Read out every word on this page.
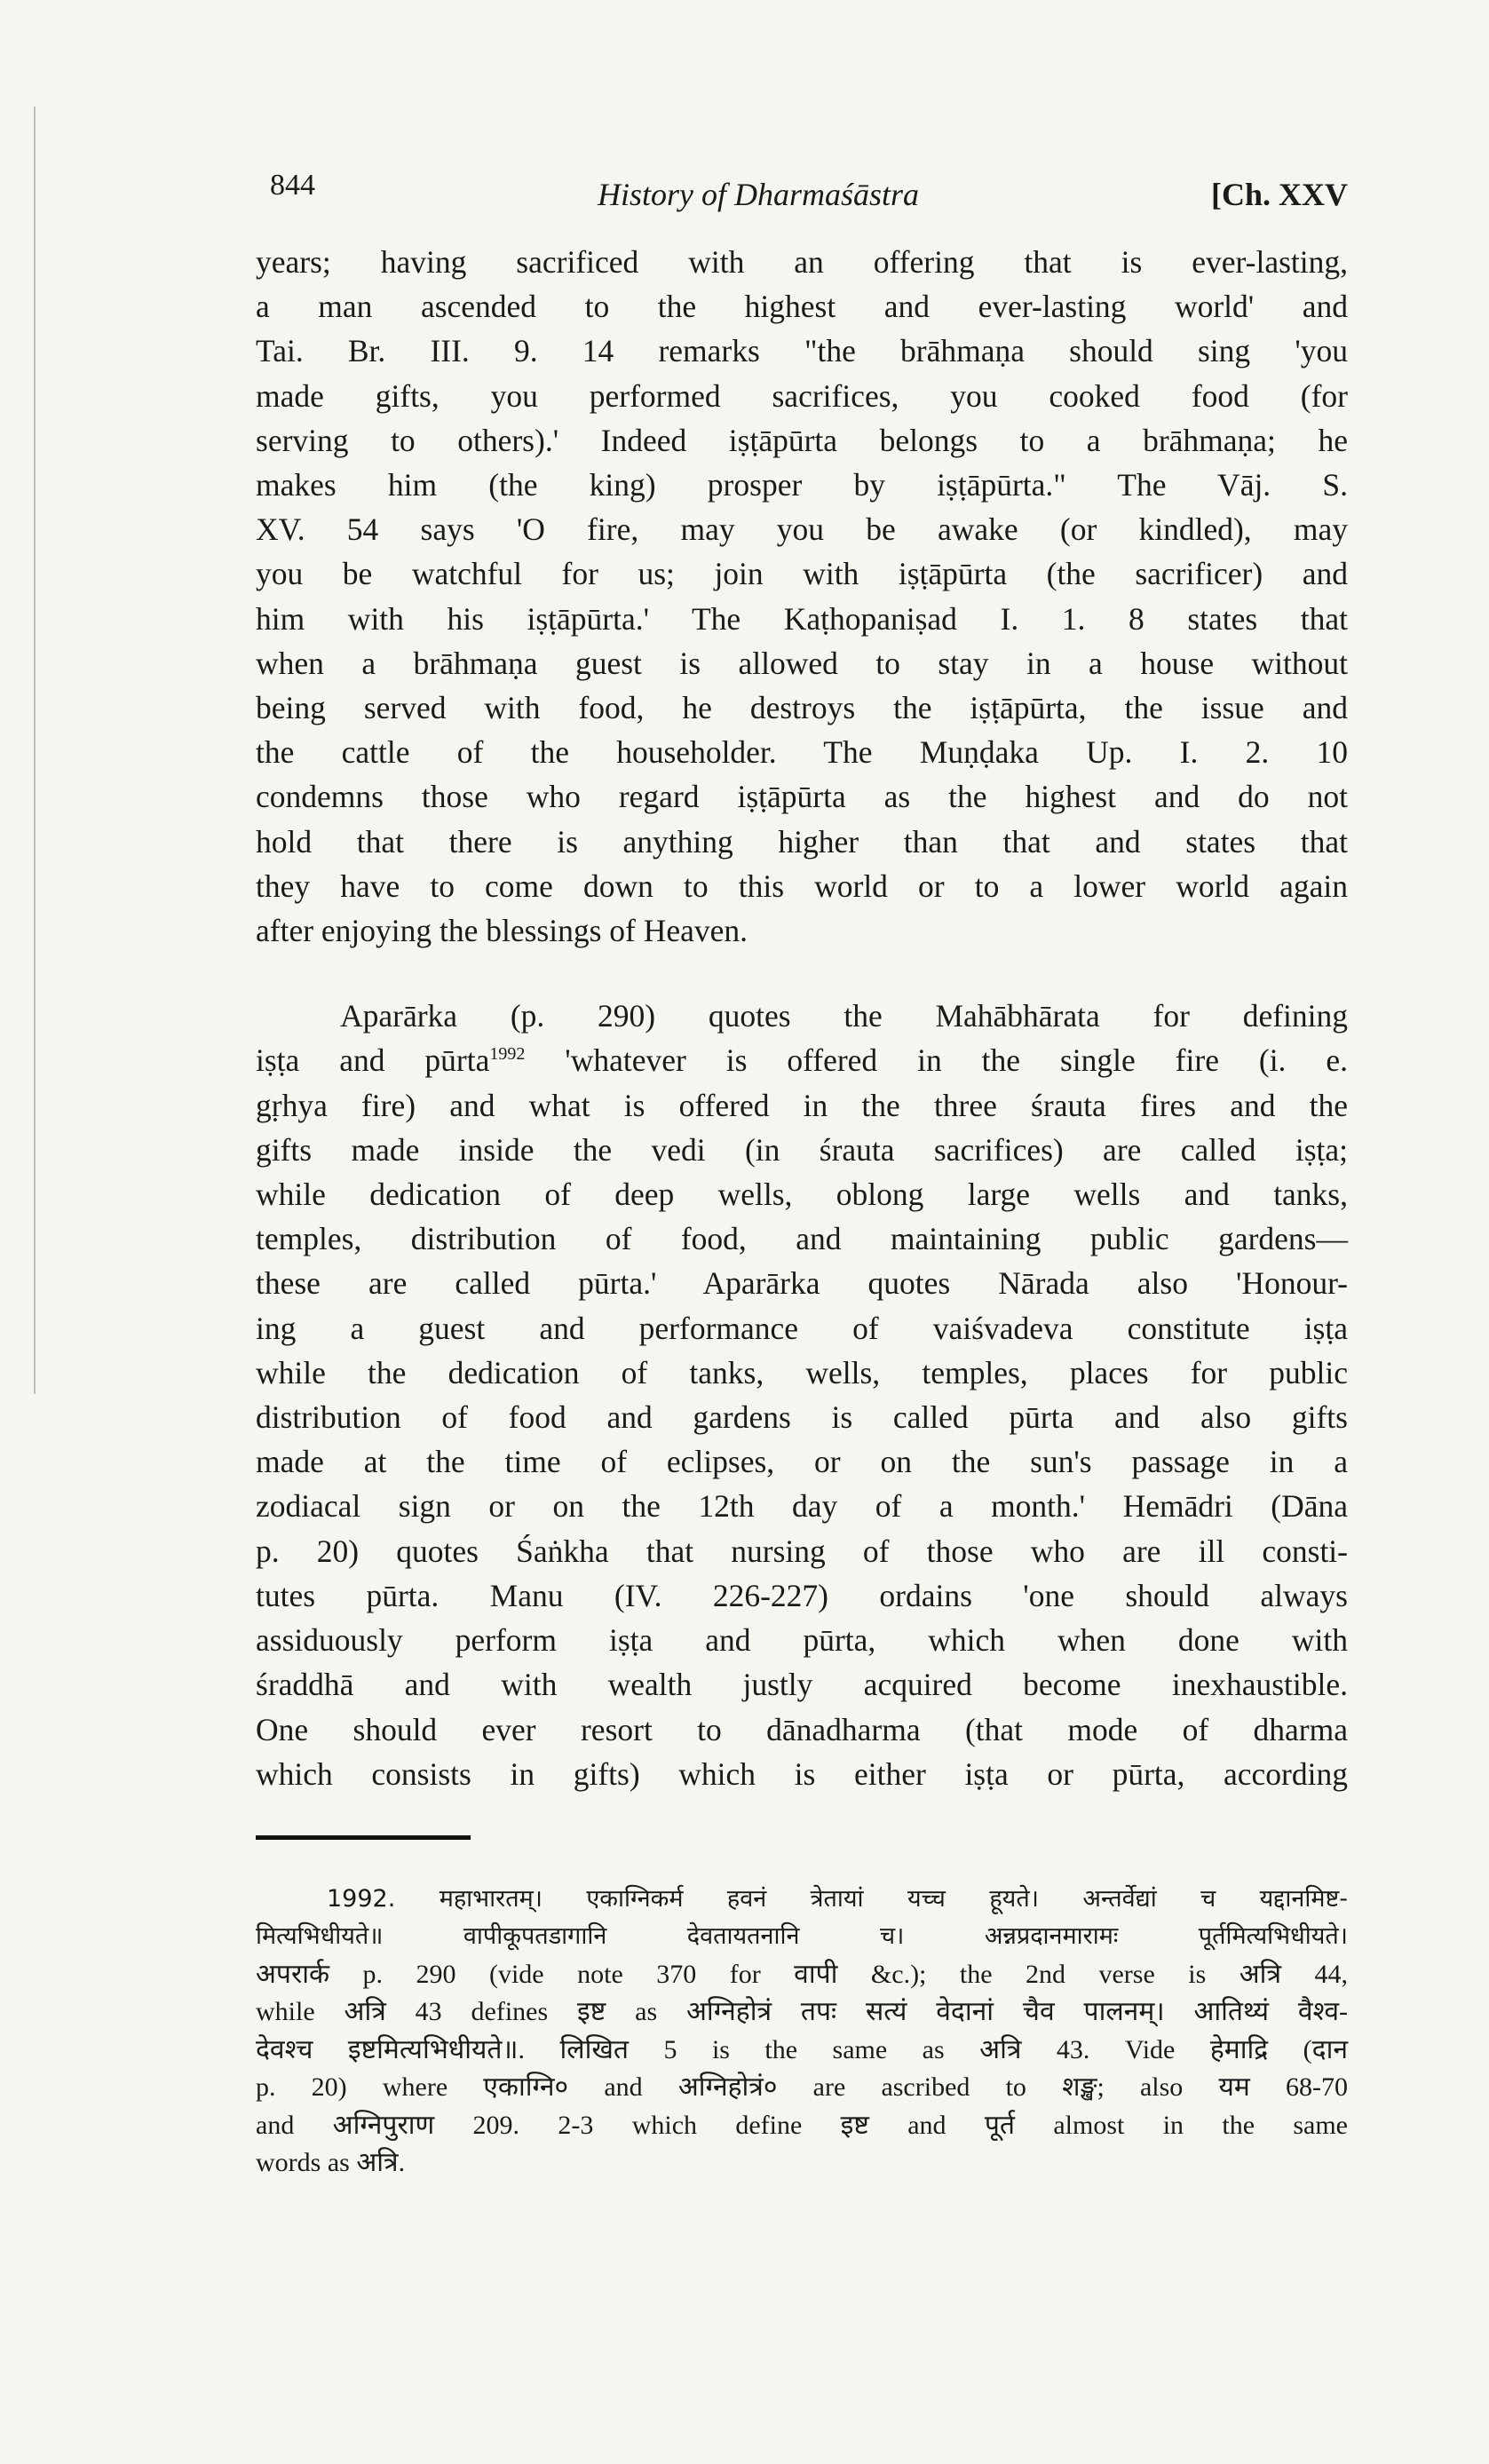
844	History of Dharmaśāstra	[Ch. XXV

years; having sacrificed with an offering that is ever-lasting,
a man ascended to the highest and ever-lasting world' and
Tai. Br. III. 9. 14 remarks "the brāhmaṇa should sing 'you
made gifts, you performed sacrifices, you cooked food (for
serving to others).' Indeed iṣṭāpūrta belongs to a brāhmaṇa; he
makes him (the king) prosper by iṣṭāpūrta." The Vāj. S.
XV. 54 says 'O fire, may you be awake (or kindled), may
you be watchful for us; join with iṣṭāpūrta (the sacrificer) and
him with his iṣṭāpūrta.' The Kaṭhopaniṣad I. 1. 8 states that
when a brāhmaṇa guest is allowed to stay in a house without
being served with food, he destroys the iṣṭāpūrta, the issue and
the cattle of the householder. The Muṇḍaka Up. I. 2. 10
condemns those who regard iṣṭāpūrta as the highest and do not
hold that there is anything higher than that and states that
they have to come down to this world or to a lower world again
after enjoying the blessings of Heaven.

Aparārka (p. 290) quotes the Mahābhārata for defining
iṣṭa and pūrta$^{1992}$ 'whatever is offered in the single fire (i. e.
gṛhya fire) and what is offered in the three śrauta fires and the
gifts made inside the vedi (in śrauta sacrifices) are called iṣṭa;
while dedication of deep wells, oblong large wells and tanks,
temples, distribution of food, and maintaining public gardens—
these are called pūrta.' Aparārka quotes Nārada also 'Honour-
ing a guest and performance of vaiśvadeva constitute iṣṭa
while the dedication of tanks, wells, temples, places for public
distribution of food and gardens is called pūrta and also gifts
made at the time of eclipses, or on the sun's passage in a
zodiacal sign or on the 12th day of a month.' Hemādri (Dāna
p. 20) quotes Śaṅkha that nursing of those who are ill consti-
tutes pūrta. Manu (IV. 226-227) ordains 'one should always
assiduously perform iṣṭa and pūrta, which when done with
śraddhā and with wealth justly acquired become inexhaustible.
One should ever resort to dānadharma (that mode of dharma
which consists in gifts) which is either iṣṭa or pūrta, according

1992. महाभारतम्। एकाग्निकर्म हवनं त्रेतायां यच्च हूयते। अन्तर्वेद्यां च यद्दानमिष्ट-
मित्यभिधीयते॥ वापीकूपतडागानि देवतायतनानि च। अन्नप्रदानमारामः पूर्तमित्यभिधीयते।
अपरार्क p. 290 (vide note 370 for वापी &c.); the 2nd verse is अत्रि 44,
while अत्रि 43 defines इष्ट as अग्निहोत्रं तपः सत्यं वेदानां चैव पालनम्। आतिथ्यं वैश्व-
देवश्च इष्टमित्यभिधीयते॥. लिखित 5 is the same as अत्रि 43. Vide हेमाद्रि (दान
p. 20) where एकाग्नि० and अग्निहोत्रं० are ascribed to शङ्ख; also यम 68-70
and अग्निपुराण 209. 2-3 which define इष्ट and पूर्त almost in the same
words as अत्रि.
